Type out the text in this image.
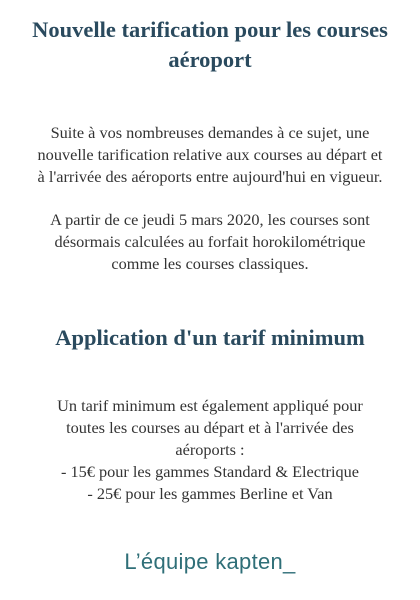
Nouvelle tarification pour les courses
aéroport

Suite à vos nombreuses demandes à ce sujet, une
nouvelle tarification relative aux courses au départ et
à l'arrivée des aéroports entre aujourd'hui en vigueur.

A partir de ce jeudi 5 mars 2020, les courses sont
désormais calculées au forfait horokilométrique
comme les courses classiques.

Application d'un tarif minimum

Un tarif minimum est également appliqué pour
toutes les courses au départ et à l'arrivée des
aéroports :
- 15€ pour les gammes Standard & Electrique
- 25€ pour les gammes Berline et Van

L’équipe kapten_
